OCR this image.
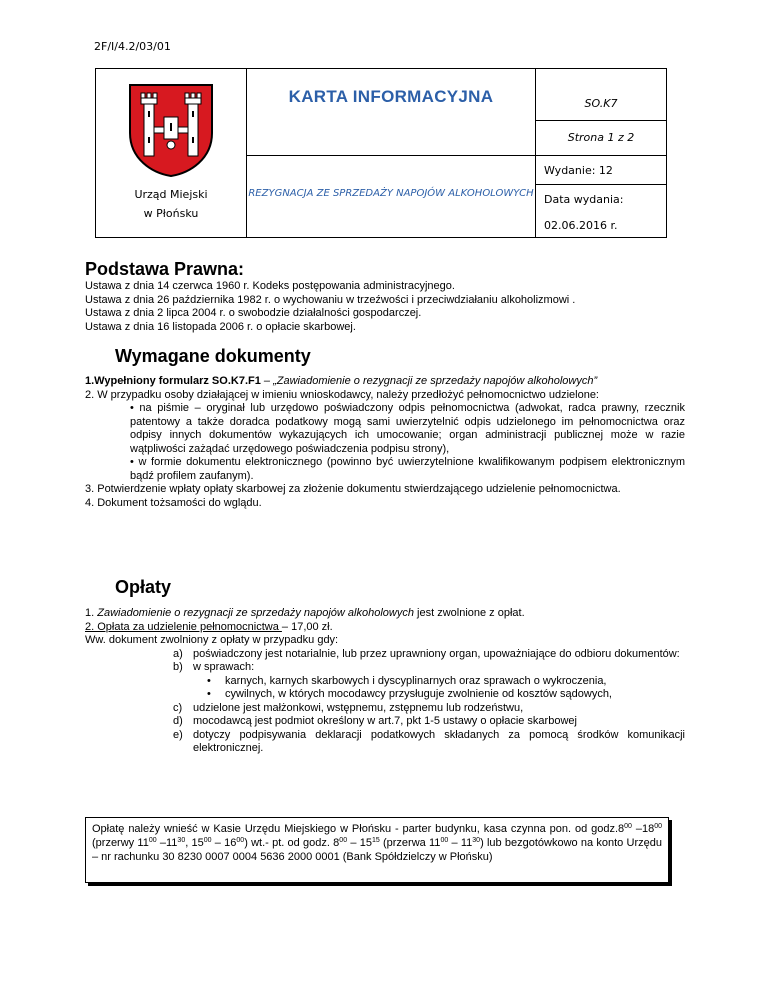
2F/I/4.2/03/01
Urząd Miejski
w Płońsku	KARTA INFORMACYJNA	SO.K7

		Strona 1 z 2

	REZYGNACJA ZE SPRZEDAŻY NAPOJÓW ALKOHOLOWYCH	Wydanie: 12

		Data wydania:
02.06.2016 r.
Podstawa Prawna:
Ustawa z dnia 14 czerwca 1960 r. Kodeks postępowania administracyjnego.
Ustawa z dnia 26 października 1982 r. o wychowaniu w trzeźwości i przeciwdziałaniu alkoholizmowi .
Ustawa z dnia 2 lipca 2004 r. o swobodzie działalności gospodarczej.
Ustawa z dnia 16 listopada 2006 r. o opłacie skarbowej.
Wymagane dokumenty
1.Wypełniony formularz SO.K7.F1 – „Zawiadomienie o rezygnacji ze sprzedaży napojów alkoholowych”
2. W przypadku osoby działającej w imieniu wnioskodawcy, należy przedłożyć pełnomocnictwo udzielone:
• na piśmie – oryginał lub urzędowo poświadczony odpis pełnomocnictwa (adwokat, radca prawny, rzecznik patentowy a także doradca podatkowy mogą sami uwierzytelnić odpis udzielonego im pełnomocnictwa oraz odpisy innych dokumentów wykazujących ich umocowanie; organ administracji publicznej może w razie wątpliwości zażądać urzędowego poświadczenia podpisu strony),
• w formie dokumentu elektronicznego (powinno być uwierzytelnione kwalifikowanym podpisem elektronicznym bądź profilem zaufanym).
3. Potwierdzenie wpłaty opłaty skarbowej za złożenie dokumentu stwierdzającego udzielenie pełnomocnictwa.
4. Dokument tożsamości do wglądu.
Opłaty
1. Zawiadomienie o rezygnacji ze sprzedaży napojów alkoholowych jest zwolnione z opłat.
2. Opłata za udzielenie pełnomocnictwa – 17,00 zł.
Ww. dokument zwolniony z opłaty w przypadku gdy:
a) poświadczony jest notarialnie, lub przez uprawniony organ, upoważniające do odbioru dokumentów:
b) w sprawach:
•	karnych, karnych skarbowych i dyscyplinarnych oraz sprawach o wykroczenia,
•	cywilnych, w których mocodawcy przysługuje zwolnienie od kosztów sądowych,
c) udzielone jest małżonkowi, wstępnemu, zstępnemu lub rodzeństwu,
d) mocodawcą jest podmiot określony w art.7, pkt 1-5 ustawy o opłacie skarbowej
e) dotyczy podpisywania deklaracji podatkowych składanych za pomocą środków komunikacji elektronicznej.
Opłatę należy wnieść w Kasie Urzędu Miejskiego w Płońsku - parter budynku, kasa czynna pon. od $godz.8^{00}$ $-18^{00}$ (przerwy $11^{00}$ $-11^{30}$, $15^{00} - 16^{00}$) wt.- pt. od godz. $8^{00} - 15^{15}$ (przerwa $11^{00} - 11^{30}$) lub bezgotówkowo na konto Urzędu – nr rachunku 30 8230 0007 0004 5636 2000 0001 (Bank Spółdzielczy w Płońsku)
